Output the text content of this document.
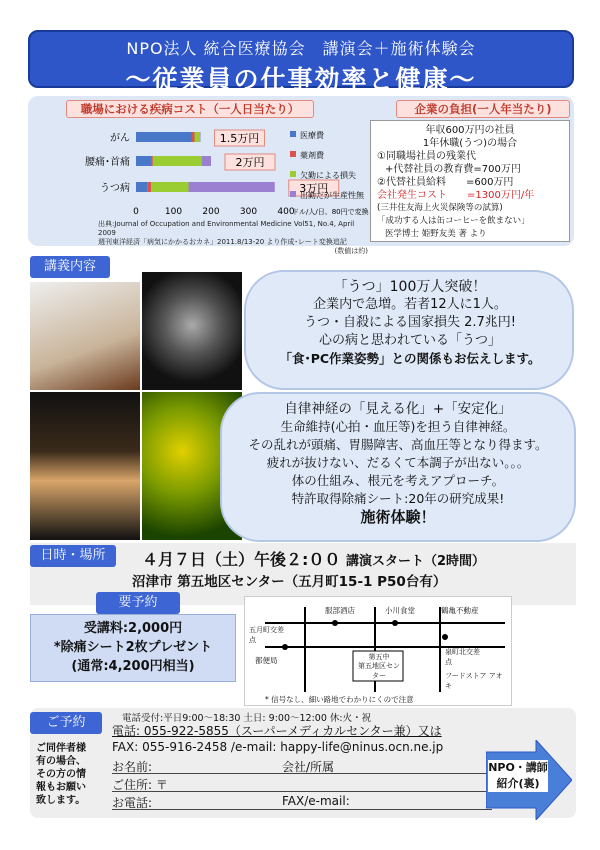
NPO法人 統合医療協会　講演会＋施術体験会
～従業員の仕事効率と健康～
職場における疾病コスト（一人日当たり）	企業の負担(一人年当たり)
がん	1.5万円
腰痛･首痛	2万円
うつ病	3万円
0	100 200 300 400
ドル/人/日、80円で変換
医療費
薬剤費
欠勤による損失
出勤だが生産性無
出典:Journal of Occupation and Environmental Medicine Vol51, No.4, April 2009
週刊東洋経済「病気にかかるおカネ」2011.8/13-20 より作成･レート変換追記
(数値は約)
年収600万円の社員
1年休職(うつ)の場合
①同職場社員の残業代
+代替社員の教育費=700万円
②代替社員給料　　=600万円
会社発生コスト　　=1300万円/年
(三井住友海上火災保険等の試算)
「成功する人は缶コーヒーを飲まない」
医学博士 姫野友美 著 より
講義内容
「うつ」100万人突破！
企業内で急増。若者12人に1人。
うつ・自殺による国家損失 2.7兆円!
心の病と思われている「うつ」
「食･PC作業姿勢」との関係もお伝えします。
自律神経の「見える化」+「安定化」
生命維持(心拍・血圧等)を担う自律神経。
その乱れが頭痛、胃腸障害、高血圧等となり得ます。
疲れが抜けない、だるくて本調子が出ない。。。
体の仕組み、根元を考えアプローチ。
特許取得除痛シート:20年の研究成果!
施術体験！
日時・場所	４月７日（土）午後２:００ 講演スタート（2時間）
沼津市 第五地区センター（五月町15-1 P50台有）
要予約
受講料:2,000円
*除痛シート2枚プレゼント
(通常:4,200円相当)
服部酒店	小川食堂	鶴亀不動産
五月町交差点
都便局	第五中
第五地区センター
泉町北交差点
フードストア アオキ
* 信号なし、細い路地でわかりにくので注意
ご予約	電話受付:平日9:00～18:30 土日: 9:00～12:00 休:火・祝
電話: 055-922-5855（スーパーメディカルセンター兼）又は
FAX: 055-916-2458 /e-mail: happy-life@ninus.ocn.ne.jp
ご同伴者様
有の場合、
その方の情
報もお願い
致します。
お名前:	会社/所属
ご住所: 〒
お電話:	FAX/e-mail:
NPO・講師
紹介(裏)
